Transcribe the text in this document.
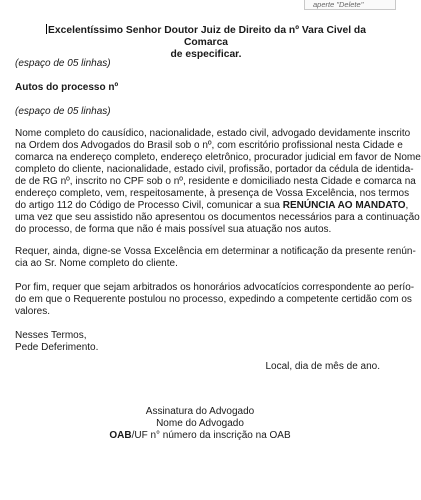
aperte "Delete"
Excelentíssimo Senhor Doutor Juiz de Direito da nº Vara Civel da Comarca
de especificar.
(espaço de 05 linhas)
Autos do processo nº
(espaço de 05 linhas)
Nome completo do causídico, nacionalidade, estado civil, advogado devidamente inscrito
na Ordem dos Advogados do Brasil sob o nº, com escritório profissional nesta Cidade e
comarca na endereço completo, endereço eletrônico, procurador judicial em favor de Nome
completo do cliente, nacionalidade, estado civil, profissão, portador da cédula de identida-
de de RG nº, inscrito no CPF sob o nº, residente e domiciliado nesta Cidade e comarca na
endereço completo, vem, respeitosamente, à presença de Vossa Excelência, nos termos
do artigo 112 do Código de Processo Civil, comunicar a sua RENÚNCIA AO MANDATO,
uma vez que seu assistido não apresentou os documentos necessários para a continuação
do processo, de forma que não é mais possível sua atuação nos autos.
Requer, ainda, digne-se Vossa Excelência em determinar a notificação da presente renún-
cia ao Sr. Nome completo do cliente.
Por fim, requer que sejam arbitrados os honorários advocatícios correspondente ao perío-
do em que o Requerente postulou no processo, expedindo a competente certidão com os
valores.
Nesses Termos,
Pede Deferimento.
Local, dia de mês de ano.
Assinatura do Advogado
Nome do Advogado
OAB/UF n° número da inscrição na OAB
